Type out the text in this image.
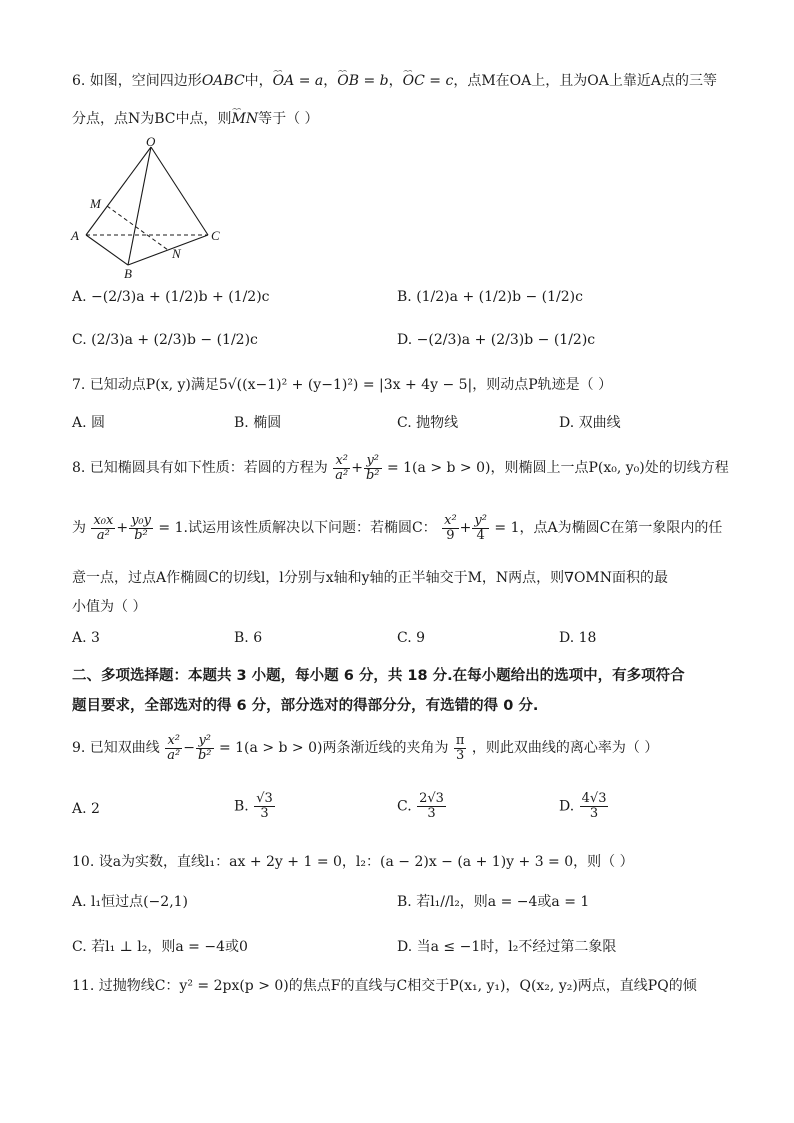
6. 如图，空间四边形OABC中，⌢⌢ OA = a，⌢⌢ OB = b，⌢⌢ OC = c，点M在OA上，且为OA上靠近A点的三等
分点，点N为BC中点，则⌢⌢ MN等于（ ）
O
M
A	C
N
B
A. −(2/3)a + (1/2)b + (1/2)c	B. (1/2)a + (1/2)b − (1/2)c
C. (2/3)a + (2/3)b − (1/2)c	D. −(2/3)a + (2/3)b − (1/2)c
7. 已知动点P(x, y)满足5√((x−1)² + (y−1)²) = |3x + 4y − 5|，则动点P轨迹是（ ）
A. 圆	B. 椭圆	C. 抛物线	D. 双曲线
8. 已知椭圆具有如下性质：若圆的方程为 $\frac{\text{x²}}{\text{a²}} + \frac{\text{y²}}{\text{b²}} = 1(a > b > 0)$，则椭圆上一点P(x₀, y₀)处的切线方程
为 $\frac{\text{x₀x}}{\text{a²}} + \frac{\text{y₀y}}{\text{b²}} = 1$.试运用该性质解决以下问题：若椭圆C： $\frac{\text{x²}}{9} + \frac{\text{y²}}{4} = 1$，点A为椭圆C在第一象限内的任
意一点，过点A作椭圆C的切线l，l分别与x轴和y轴的正半轴交于M，N两点，则∇OMN面积的最
小值为（ ）
A. 3	B. 6	C. 9	D. 18
二、多项选择题：本题共 3 小题，每小题 6 分，共 18 分.在每小题给出的选项中，有多项符合
题目要求，全部选对的得 6 分，部分选对的得部分分，有选错的得 0 分.
9. 已知双曲线 $\frac{\text{x²}}{\text{a²}} - \frac{\text{y²}}{\text{b²}} = 1(a > b > 0)$两条渐近线的夹角为 $\frac{\pi}{3}$ ，则此双曲线的离心率为（ ）
A. 2	B. $\frac{√3}{3}$	C. $\frac{2√3}{3}$	D. $\frac{4√3}{3}$
10. 设a为实数，直线l₁：ax + 2y + 1 = 0，l₂：(a − 2)x − (a + 1)y + 3 = 0，则（ ）
A. l₁恒过点(−2,1)	B. 若l₁//l₂，则a = −4或a = 1
C. 若l₁ ⊥ l₂，则a = −4或0	D. 当a ≤ −1时，l₂不经过第二象限
11. 过抛物线C：y² = 2px(p > 0)的焦点F的直线与C相交于P(x₁, y₁)，Q(x₂, y₂)两点，直线PQ的倾
